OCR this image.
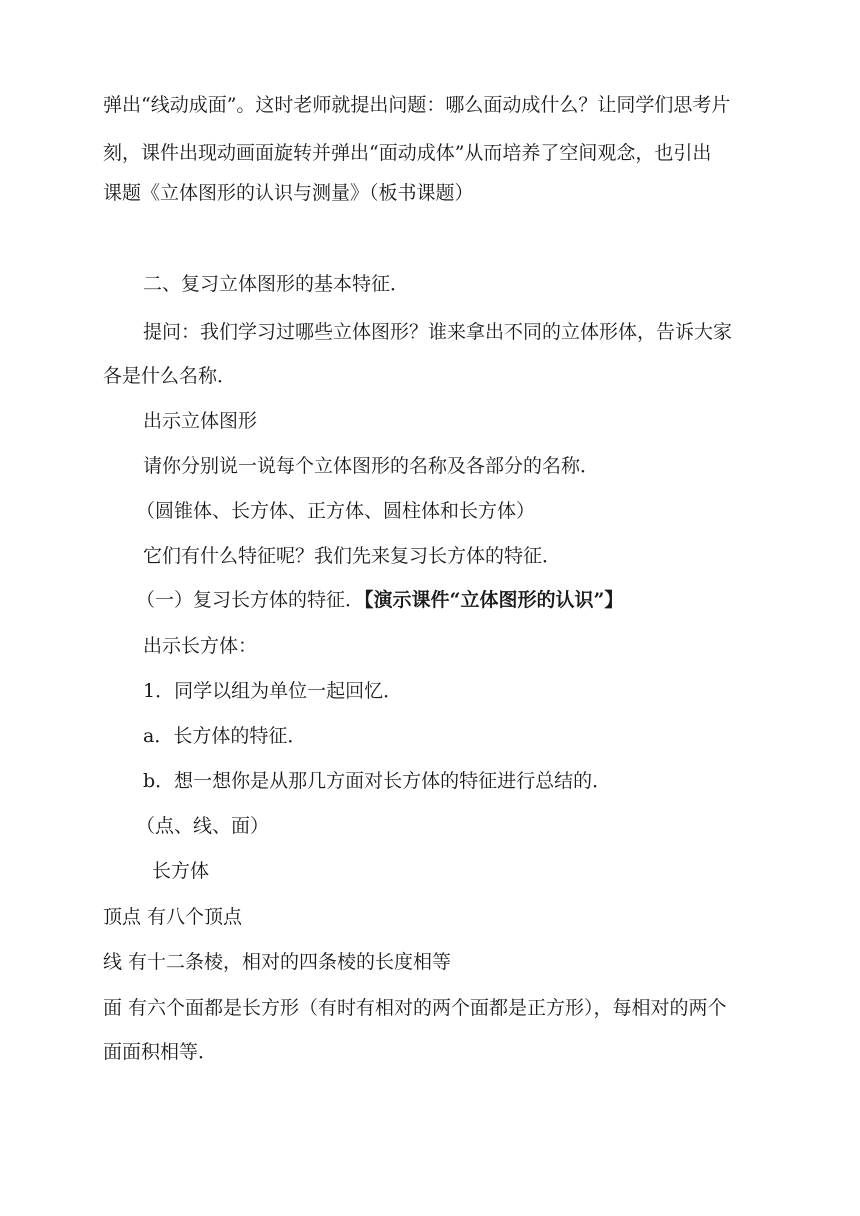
弹出“线动成面”。这时老师就提出问题：哪么面动成什么？让同学们思考片
刻，课件出现动画面旋转并弹出“面动成体”从而培养了空间观念，也引出
课题《立体图形的认识与测量》（板书课题）
二、复习立体图形的基本特征．
提问：我们学习过哪些立体图形？谁来拿出不同的立体形体，告诉大家
各是什么名称．
出示立体图形
请你分别说一说每个立体图形的名称及各部分的名称．
（圆锥体、长方体、正方体、圆柱体和长方体）
它们有什么特征呢？我们先来复习长方体的特征．
（一）复习长方体的特征．【演示课件“立体图形的认识”】
出示长方体：
1．同学以组为单位一起回忆．
a．长方体的特征．
b．想一想你是从那几方面对长方体的特征进行总结的．
（点、线、面）
长方体
顶点 有八个顶点
线 有十二条棱，相对的四条棱的长度相等
面 有六个面都是长方形（有时有相对的两个面都是正方形），每相对的两个
面面积相等．
